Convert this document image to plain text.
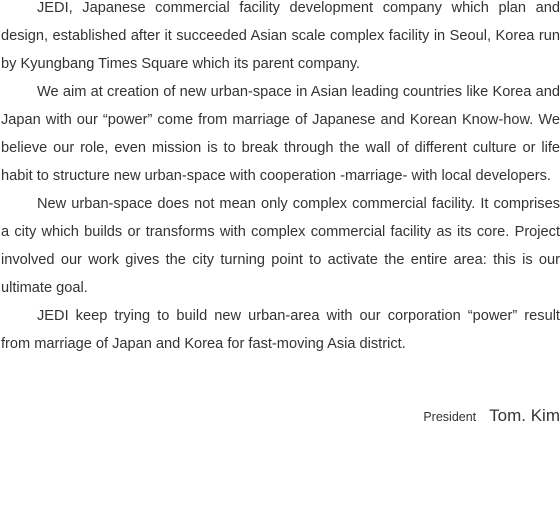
JEDI, Japanese commercial facility development company which plan and design, established after it succeeded Asian scale complex facility in Seoul, Korea run by Kyungbang Times Square which its parent company.

We aim at creation of new urban-space in Asian leading countries like Korea and Japan with our “power” come from marriage of Japanese and Korean Know-how. We believe our role, even mission is to break through the wall of different culture or life habit to structure new urban-space with cooperation -marriage- with local developers.

New urban-space does not mean only complex commercial facility. It comprises a city which builds or transforms with complex commercial facility as its core. Project involved our work gives the city turning point to activate the entire area: this is our ultimate goal.

JEDI keep trying to build new urban-area with our corporation “power” result from marriage of Japan and Korea for fast-moving Asia district.

President Tom. Kim
